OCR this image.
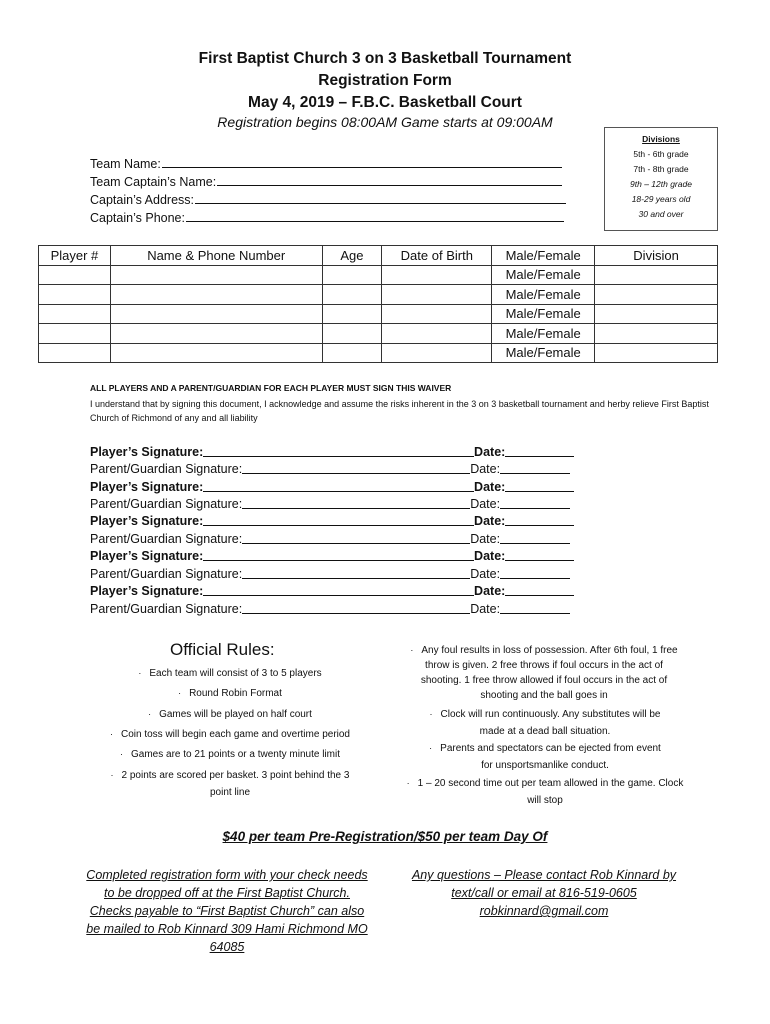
First Baptist Church 3 on 3 Basketball Tournament
Registration Form
May 4, 2019 – F.B.C. Basketball Court
Registration begins 08:00AM Game starts at 09:00AM
Divisions
5th - 6th grade
7th - 8th grade
9th – 12th grade
18-29 years old
30 and over
Team Name:
Team Captain’s Name:
Captain’s Address:
Captain’s Phone:
Player #	Name & Phone Number	Age	Date of Birth	Male/Female	Division
				Male/Female	
				Male/Female	
				Male/Female	
				Male/Female	
				Male/Female	
ALL PLAYERS AND A PARENT/GUARDIAN FOR EACH PLAYER MUST SIGN THIS WAIVER
I understand that by signing this document, I acknowledge and assume the risks inherent in the 3 on 3 basketball tournament and herby relieve First Baptist Church of Richmond of any and all liability
Player’s Signature :	Date:
Parent/Guardian Signature:	Date:
Player’s Signature :	Date:
Parent/Guardian Signature:	Date:
Player’s Signature:	Date:
Parent/Guardian Signature:	Date:
Player’s Signature:	Date:
Parent/Guardian Signature:	Date:
Player’s Signature:	Date:
Parent/Guardian Signature:	Date:
Official Rules:
· Each team will consist of 3 to 5 players
· Round Robin Format
· Games will be played on half court
· Coin toss will begin each game and overtime period
· Games are to 21 points or a twenty minute limit
· 2 points are scored per basket. 3 point behind the 3 point line
· Any foul results in loss of possession. After 6th foul, 1 free throw is given. 2 free throws if foul occurs in the act of shooting. 1 free throw allowed if foul occurs in the act of shooting and the ball goes in
· Clock will run continuously. Any substitutes will be made at a dead ball situation.
· Parents and spectators can be ejected from event for unsportsmanlike conduct.
· 1 – 20 second time out per team allowed in the game. Clock will stop
$40 per team Pre-Registration/$50 per team Day Of
Completed registration form with your check needs to be dropped off at the First Baptist Church. Checks payable to “First Baptist Church” can also be mailed to Rob Kinnard 309 Hami Richmond MO 64085
Any questions – Please contact Rob Kinnard by text/call or email at 816-519-0605 robkinnard@gmail.com
